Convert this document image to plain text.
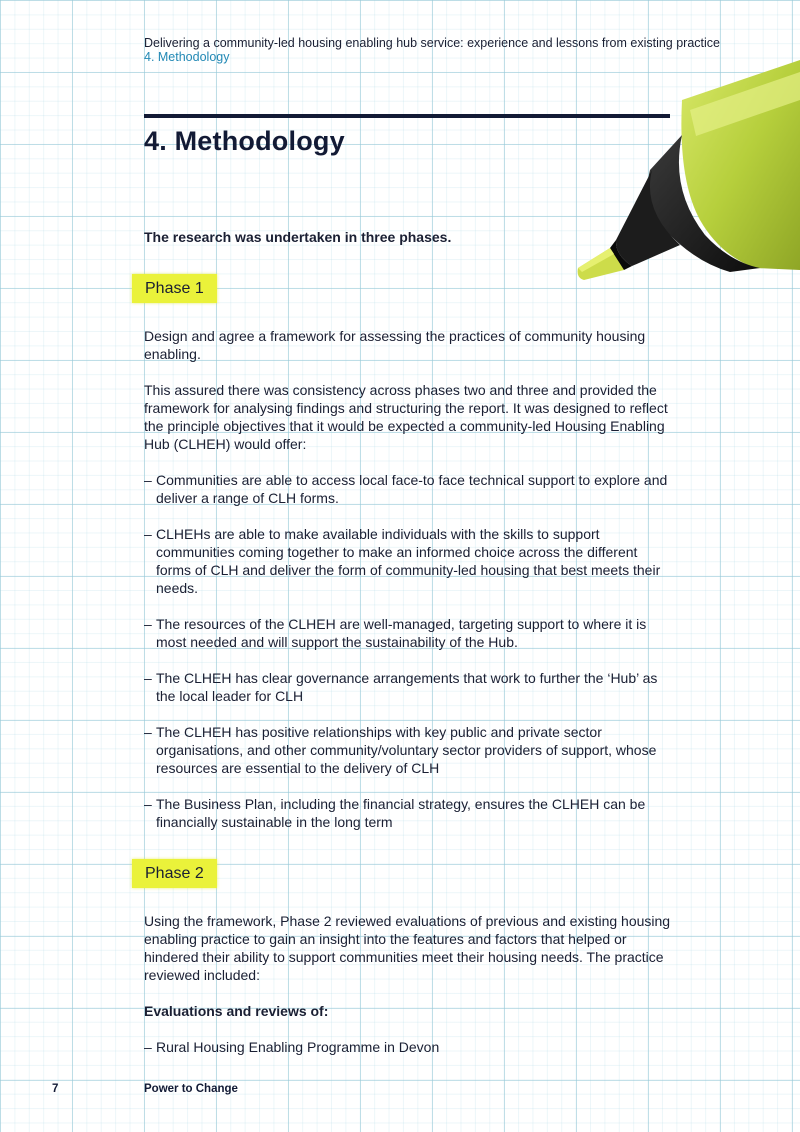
Delivering a community-led housing enabling hub service: experience and lessons from existing practice
4. Methodology
4. Methodology

The research was undertaken in three phases.

Phase 1

Design and agree a framework for assessing the practices of community housing enabling.

This assured there was consistency across phases two and three and provided the framework for analysing findings and structuring the report. It was designed to reflect the principle objectives that it would be expected a community-led Housing Enabling Hub (CLHEH) would offer:

– Communities are able to access local face-to face technical support to explore and deliver a range of CLH forms.
– CLHEHs are able to make available individuals with the skills to support communities coming together to make an informed choice across the different forms of CLH and deliver the form of community-led housing that best meets their needs.
– The resources of the CLHEH are well-managed, targeting support to where it is most needed and will support the sustainability of the Hub.
– The CLHEH has clear governance arrangements that work to further the ‘Hub’ as the local leader for CLH
– The CLHEH has positive relationships with key public and private sector organisations, and other community/voluntary sector providers of support, whose resources are essential to the delivery of CLH
– The Business Plan, including the financial strategy, ensures the CLHEH can be financially sustainable in the long term
Phase 2

Using the framework, Phase 2 reviewed evaluations of previous and existing housing enabling practice to gain an insight into the features and factors that helped or hindered their ability to support communities meet their housing needs. The practice reviewed included:

Evaluations and reviews of:

– Rural Housing Enabling Programme in Devon
7	Power to Change
